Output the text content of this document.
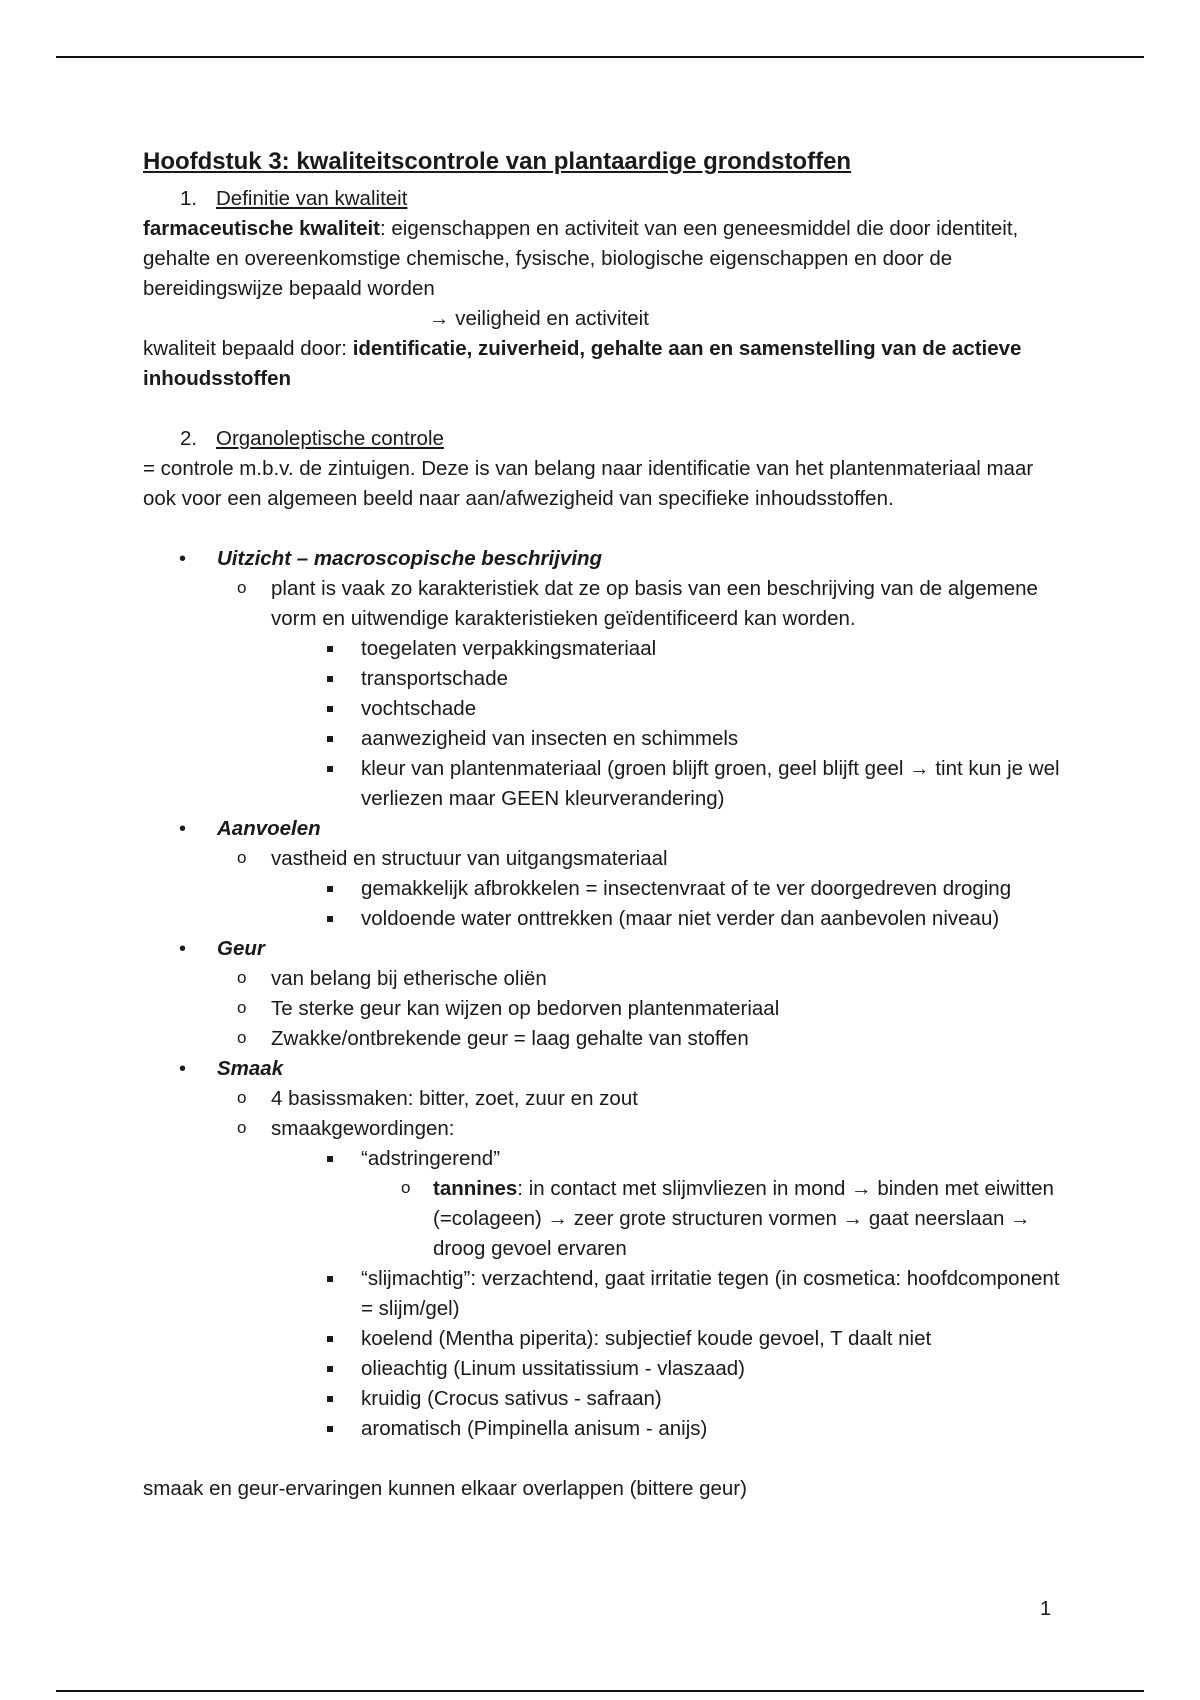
Hoofdstuk 3: kwaliteitscontrole van plantaardige grondstoffen

1. Definitie van kwaliteit

farmaceutische kwaliteit: eigenschappen en activiteit van een geneesmiddel die door identiteit, gehalte en overeenkomstige chemische, fysische, biologische eigenschappen en door de bereidingswijze bepaald worden

→ veiligheid en activiteit

kwaliteit bepaald door: identificatie, zuiverheid, gehalte aan en samenstelling van de actieve inhoudsstoffen

2. Organoleptische controle

= controle m.b.v. de zintuigen. Deze is van belang naar identificatie van het plantenmateriaal maar ook voor een algemeen beeld naar aan/afwezigheid van specifieke inhoudsstoffen.

• Uitzicht – macroscopische beschrijving
o plant is vaak zo karakteristiek dat ze op basis van een beschrijving van de algemene vorm en uitwendige karakteristieken geïdentificeerd kan worden.
toegelaten verpakkingsmateriaal
transportschade
vochtschade
aanwezigheid van insecten en schimmels
kleur van plantenmateriaal (groen blijft groen, geel blijft geel → tint kun je wel verliezen maar GEEN kleurverandering)
• Aanvoelen
o vastheid en structuur van uitgangsmateriaal
gemakkelijk afbrokkelen = insectenvraat of te ver doorgedreven droging
voldoende water onttrekken (maar niet verder dan aanbevolen niveau)
• Geur
o van belang bij etherische oliën
o Te sterke geur kan wijzen op bedorven plantenmateriaal
o Zwakke/ontbrekende geur = laag gehalte van stoffen
• Smaak
o 4 basissmaken: bitter, zoet, zuur en zout
o smaakgewordingen:
“adstringerend”
o tannines: in contact met slijmvliezen in mond → binden met eiwitten (=colageen) → zeer grote structuren vormen → gaat neerslaan → droog gevoel ervaren
“slijmachtig”: verzachtend, gaat irritatie tegen (in cosmetica: hoofdcomponent = slijm/gel)
koelend (Mentha piperita): subjectief koude gevoel, T daalt niet
olieachtig (Linum ussitatissium - vlaszaad)
kruidig (Crocus sativus - safraan)
aromatisch (Pimpinella anisum - anijs)

smaak en geur-ervaringen kunnen elkaar overlappen (bittere geur)

1
